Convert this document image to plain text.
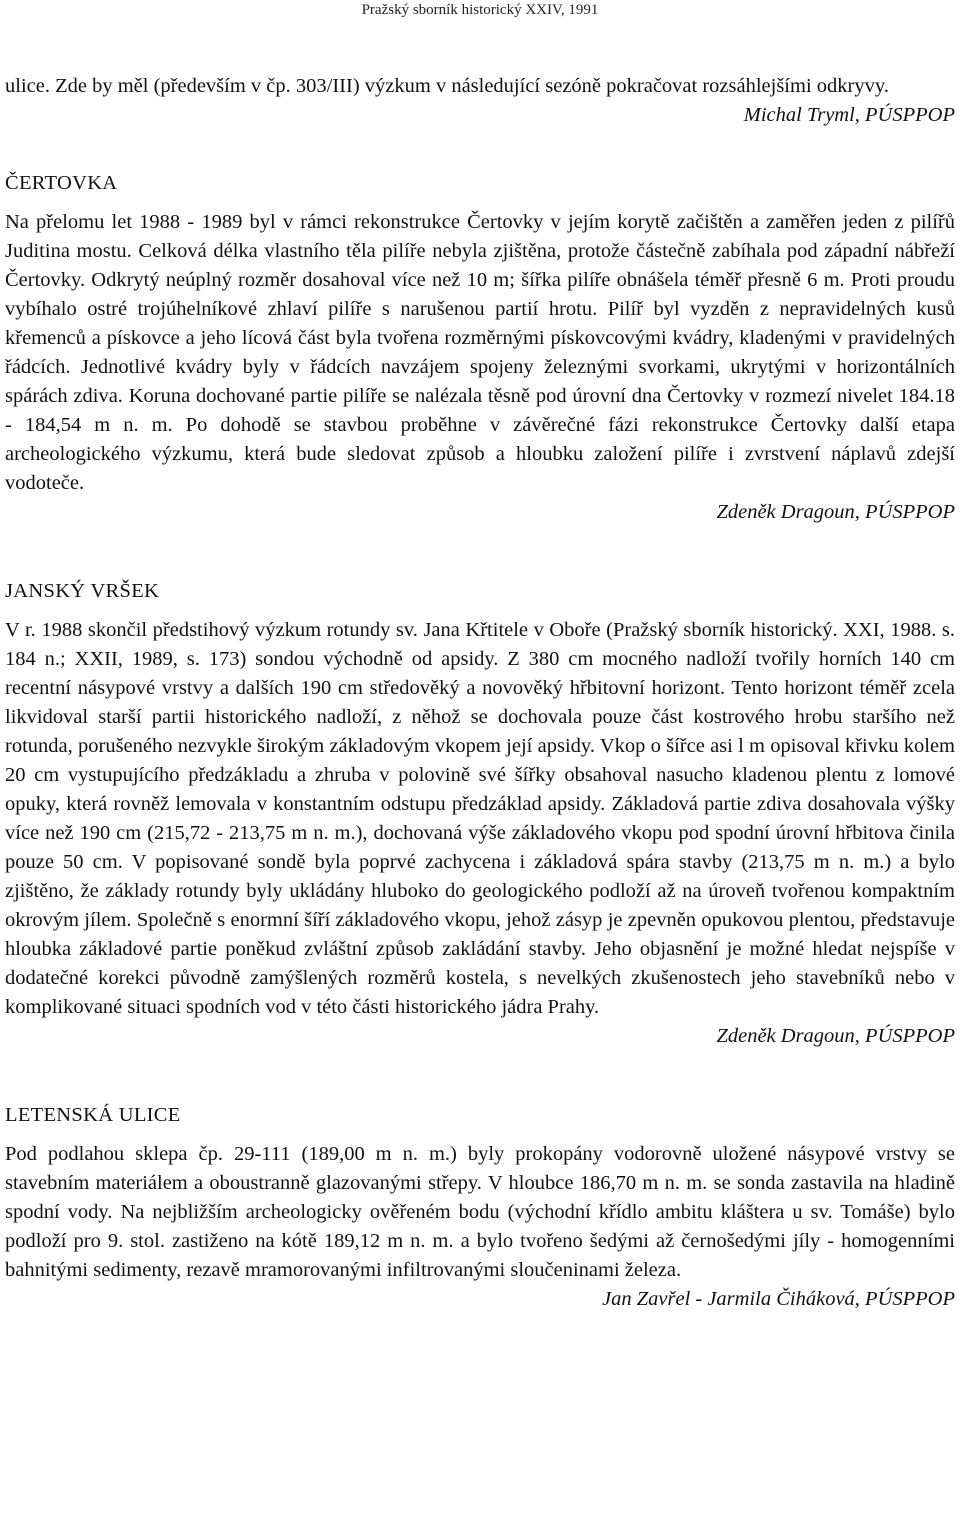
Pražský sborník historický XXIV, 1991

ulice. Zde by měl (především v čp. 303/III) výzkum v následující sezóně pokračovat rozsáhlejšími odkryvy.

Michal Tryml, PÚSPPOP

ČERTOVKA

Na přelomu let 1988 - 1989 byl v rámci rekonstrukce Čertovky v jejím korytě začištěn a zaměřen jeden z pilířů Juditina mostu. Celková délka vlastního těla pilíře nebyla zjištěna, protože částečně zabíhala pod západní nábřeží Čertovky. Odkrytý neúplný rozměr dosahoval více než 10 m; šířka pilíře obnášela téměř přesně 6 m. Proti proudu vybíhalo ostré trojúhelníkové zhlaví pilíře s narušenou partií hrotu. Pilíř byl vyzděn z nepravidelných kusů křemenců a pískovce a jeho lícová část byla tvořena rozměrnými pískovcovými kvádry, kladenými v pravidelných řádcích. Jednotlivé kvádry byly v řádcích navzájem spojeny železnými svorkami, ukrytými v horizontálních spárách zdiva. Koruna dochované partie pilíře se nalézala těsně pod úrovní dna Čertovky v rozmezí nivelet 184.18 - 184,54 m n. m. Po dohodě se stavbou proběhne v závěrečné fázi rekonstrukce Čertovky další etapa archeologického výzkumu, která bude sledovat způsob a hloubku založení pilíře i zvrstvení náplavů zdejší vodoteče.

Zdeněk Dragoun, PÚSPPOP

JANSKÝ VRŠEK

V r. 1988 skončil předstihový výzkum rotundy sv. Jana Křtitele v Oboře (Pražský sborník historický. XXI, 1988. s. 184 n.; XXII, 1989, s. 173) sondou východně od apsidy. Z 380 cm mocného nadloží tvořily horních 140 cm recentní násypové vrstvy a dalších 190 cm středověký a novověký hřbitovní horizont. Tento horizont téměř zcela likvidoval starší partii historického nadloží, z něhož se dochovala pouze část kostrového hrobu staršího než rotunda, porušeného nezvykle širokým základovým vkopem její apsidy. Vkop o šířce asi l m opisoval křivku kolem 20 cm vystupujícího předzákladu a zhruba v polovině své šířky obsahoval nasucho kladenou plentu z lomové opuky, která rovněž lemovala v konstantním odstupu předzáklad apsidy. Základová partie zdiva dosahovala výšky více než 190 cm (215,72 - 213,75 m n. m.), dochovaná výše základového vkopu pod spodní úrovní hřbitova činila pouze 50 cm. V popisované sondě byla poprvé zachycena i základová spára stavby (213,75 m n. m.) a bylo zjištěno, že základy rotundy byly ukládány hluboko do geologického podloží až na úroveň tvořenou kompaktním okrovým jílem. Společně s enormní šíří základového vkopu, jehož zásyp je zpevněn opukovou plentou, představuje hloubka základové partie poněkud zvláštní způsob zakládání stavby. Jeho objasnění je možné hledat nejspíše v dodatečné korekci původně zamýšlených rozměrů kostela, s nevelkých zkušenostech jeho stavebníků nebo v komplikované situaci spodních vod v této části historického jádra Prahy.

Zdeněk Dragoun, PÚSPPOP

LETENSKÁ ULICE

Pod podlahou sklepa čp. 29-111 (189,00 m n. m.) byly prokopány vodorovně uložené násypové vrstvy se stavebním materiálem a oboustranně glazovanými střepy. V hloubce 186,70 m n. m. se sonda zastavila na hladině spodní vody. Na nejbližším archeologicky ověřeném bodu (východní křídlo ambitu kláštera u sv. Tomáše) bylo podloží pro 9. stol. zastiženo na kótě 189,12 m n. m. a bylo tvořeno šedými až černošedými jíly - homogenními bahnitými sedimenty, rezavě mramorovanými infiltrovanými sloučeninami železa.

Jan Zavřel - Jarmila Čiháková, PÚSPPOP
